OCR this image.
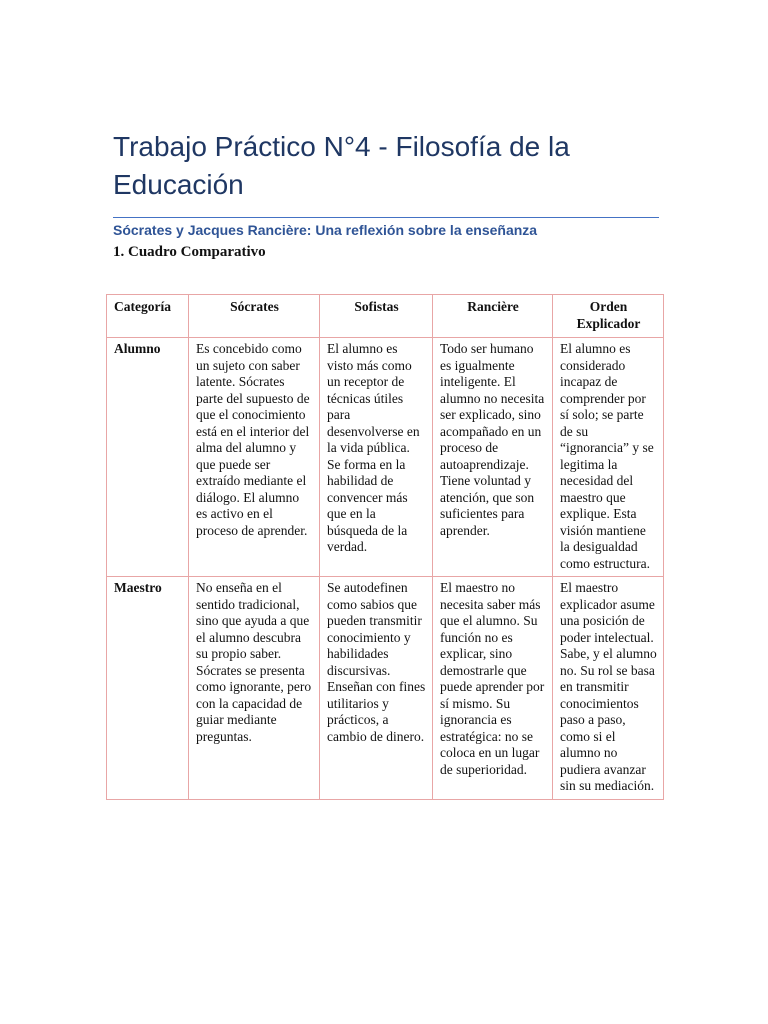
Trabajo Práctico N°4 - Filosofía de la Educación
Sócrates y Jacques Rancière: Una reflexión sobre la enseñanza
1. Cuadro Comparativo
Categoría	Sócrates	Sofistas	Rancière	Orden Explicador
Alumno	Es concebido como un sujeto con saber latente. Sócrates parte del supuesto de que el conocimiento está en el interior del alma del alumno y que puede ser extraído mediante el diálogo. El alumno es activo en el proceso de aprender.	El alumno es visto más como un receptor de técnicas útiles para desenvolverse en la vida pública. Se forma en la habilidad de convencer más que en la búsqueda de la verdad.	Todo ser humano es igualmente inteligente. El alumno no necesita ser explicado, sino acompañado en un proceso de autoaprendizaje. Tiene voluntad y atención, que son suficientes para aprender.	El alumno es considerado incapaz de comprender por sí solo; se parte de su “ignorancia” y se legitima la necesidad del maestro que explique. Esta visión mantiene la desigualdad como estructura.
Maestro	No enseña en el sentido tradicional, sino que ayuda a que el alumno descubra su propio saber. Sócrates se presenta como ignorante, pero con la capacidad de guiar mediante preguntas.	Se autodefinen como sabios que pueden transmitir conocimiento y habilidades discursivas. Enseñan con fines utilitarios y prácticos, a cambio de dinero.	El maestro no necesita saber más que el alumno. Su función no es explicar, sino demostrarle que puede aprender por sí mismo. Su ignorancia es estratégica: no se coloca en un lugar de superioridad.	El maestro explicador asume una posición de poder intelectual. Sabe, y el alumno no. Su rol se basa en transmitir conocimientos paso a paso, como si el alumno no pudiera avanzar sin su mediación.
